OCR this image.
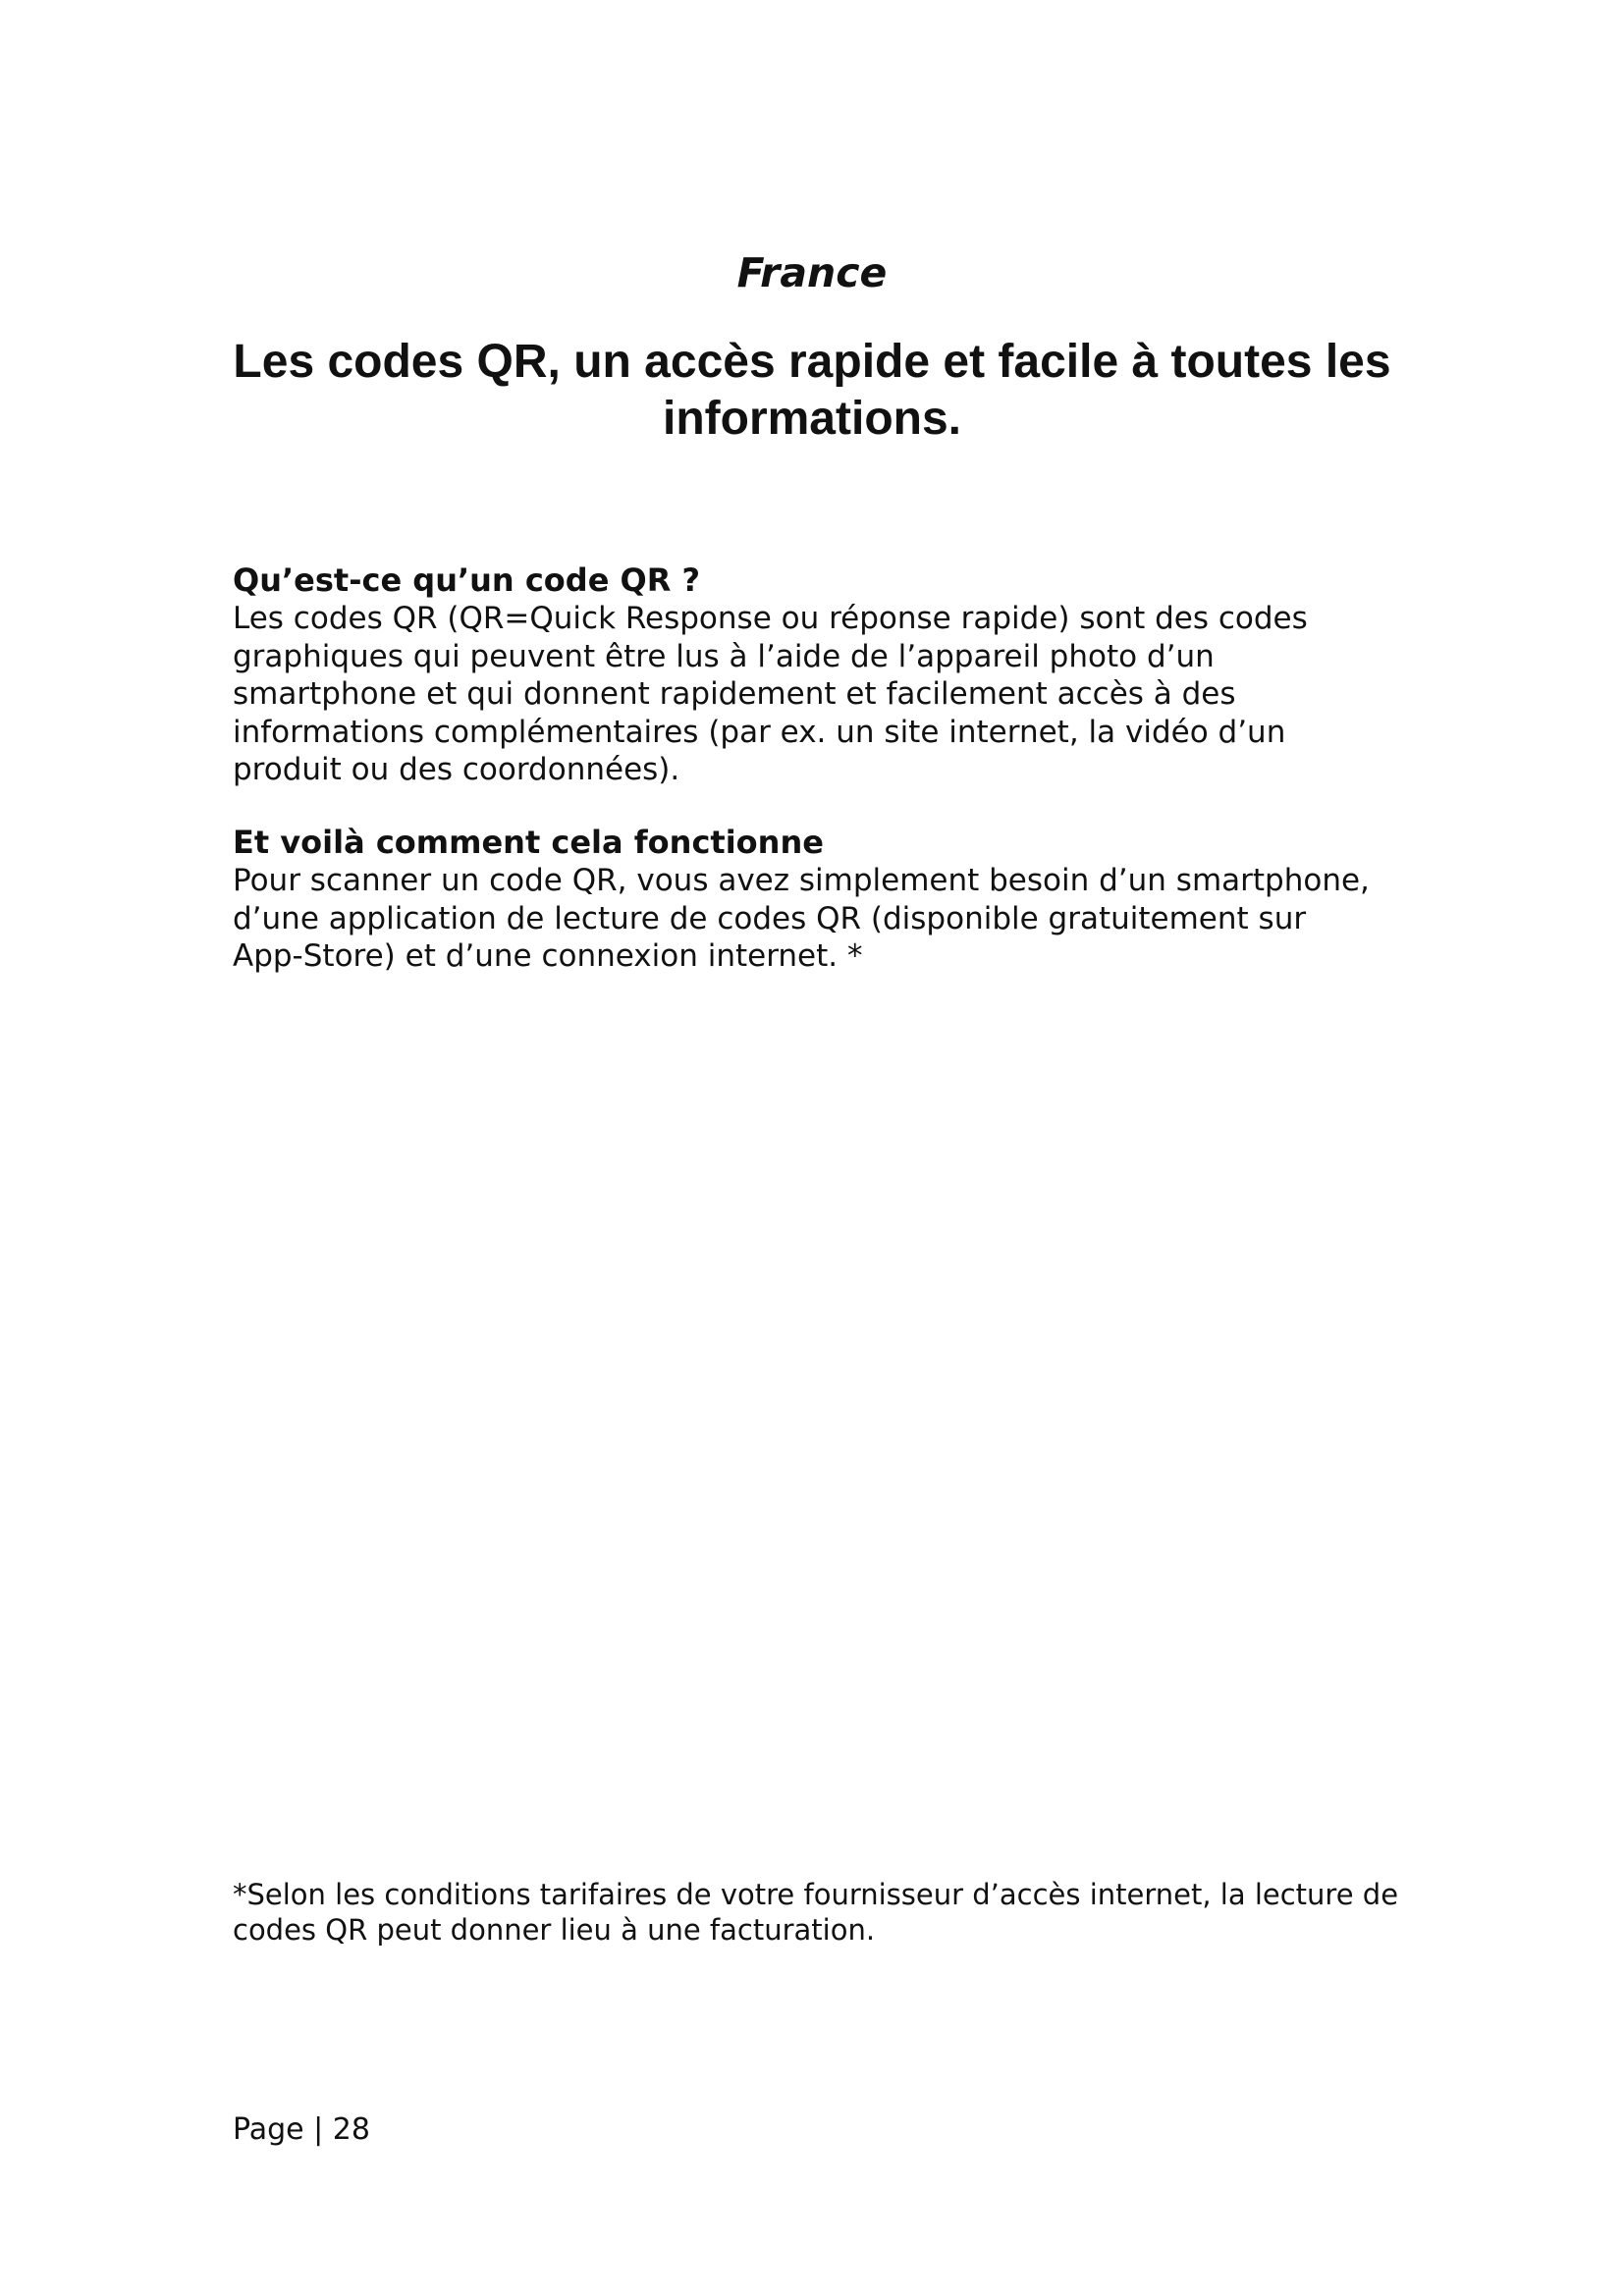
France
Les codes QR, un accès rapide et facile à toutes les
informations.
Qu’est-ce qu’un code QR ?

Les codes QR (QR=Quick Response ou réponse rapide) sont des codes
graphiques qui peuvent être lus à l’aide de l’appareil photo d’un
smartphone et qui donnent rapidement et facilement accès à des
informations complémentaires (par ex. un site internet, la vidéo d’un
produit ou des coordonnées).

Et voilà comment cela fonctionne

Pour scanner un code QR, vous avez simplement besoin d’un smartphone,
d’une application de lecture de codes QR (disponible gratuitement sur
App-Store) et d’une connexion internet. *

*Selon les conditions tarifaires de votre fournisseur d’accès internet, la lecture de
codes QR peut donner lieu à une facturation.

Page | 28
